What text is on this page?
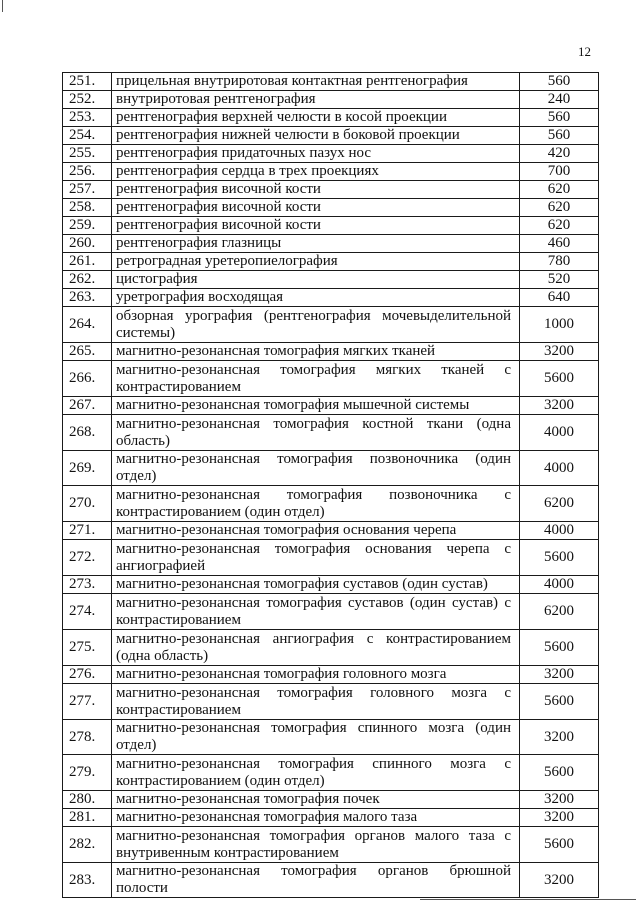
12
251.	прицельная внутриротовая контактная рентгенография	560
252.	внутриротовая рентгенография	240
253.	рентгенография верхней челюсти в косой проекции	560
254.	рентгенография нижней челюсти в боковой проекции	560
255.	рентгенография придаточных пазух нос	420
256.	рентгенография сердца в трех проекциях	700
257.	рентгенография височной кости	620
258.	рентгенография височной кости	620
259.	рентгенография височной кости	620
260.	рентгенография глазницы	460
261.	ретроградная уретеропиелография	780
262.	цистография	520
263.	уретрография восходящая	640
264.	обзорная урография (рентгенография мочевыделительной системы)	1000
265.	магнитно-резонансная томография мягких тканей	3200
266.	магнитно-резонансная томография мягких тканей с контрастированием	5600
267.	магнитно-резонансная томография мышечной системы	3200
268.	магнитно-резонансная томография костной ткани (одна область)	4000
269.	магнитно-резонансная томография позвоночника (один отдел)	4000
270.	магнитно-резонансная томография позвоночника с контрастированием (один отдел)	6200
271.	магнитно-резонансная томография основания черепа	4000
272.	магнитно-резонансная томография основания черепа с ангиографией	5600
273.	магнитно-резонансная томография суставов (один сустав)	4000
274.	магнитно-резонансная томография суставов (один сустав) с контрастированием	6200
275.	магнитно-резонансная ангиография с контрастированием (одна область)	5600
276.	магнитно-резонансная томография головного мозга	3200
277.	магнитно-резонансная томография головного мозга с контрастированием	5600
278.	магнитно-резонансная томография спинного мозга (один отдел)	3200
279.	магнитно-резонансная томография спинного мозга с контрастированием (один отдел)	5600
280.	магнитно-резонансная томография почек	3200
281.	магнитно-резонансная томография малого таза	3200
282.	магнитно-резонансная томография органов малого таза с внутривенным контрастированием	5600
283.	магнитно-резонансная томография органов брюшной полости	3200
